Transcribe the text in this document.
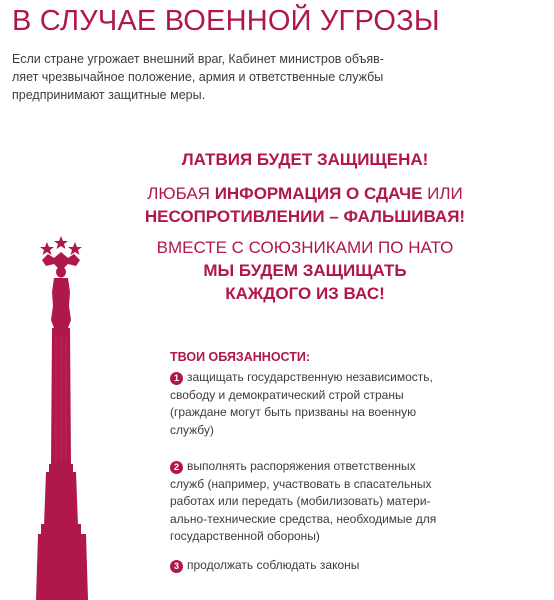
В СЛУЧАЕ ВОЕННОЙ УГРОЗЫ

Если стране угрожает внешний враг, Кабинет министров объяв-
ляет чрезвычайное положение, армия и ответственные службы
предпринимают защитные меры.

ЛАТВИЯ БУДЕТ ЗАЩИЩЕНА!

ЛЮБАЯ ИНФОРМАЦИЯ О СДАЧЕ ИЛИ
НЕСОПРОТИВЛЕНИИ – ФАЛЬШИВАЯ!

ВМЕСТЕ С СОЮЗНИКАМИ ПО НАТО
МЫ БУДЕМ ЗАЩИЩАТЬ
КАЖДОГО ИЗ ВАС!

ТВОИ ОБЯЗАННОСТИ:

1 защищать государственную независимость,
свободу и демократический строй страны
(граждане могут быть призваны на военную
службу)
2 выполнять распоряжения ответственных
служб (например, участвовать в спасательных
работах или передать (мобилизовать) матери-
ально-технические средства, необходимые для
государственной обороны)
3 продолжать соблюдать законы
